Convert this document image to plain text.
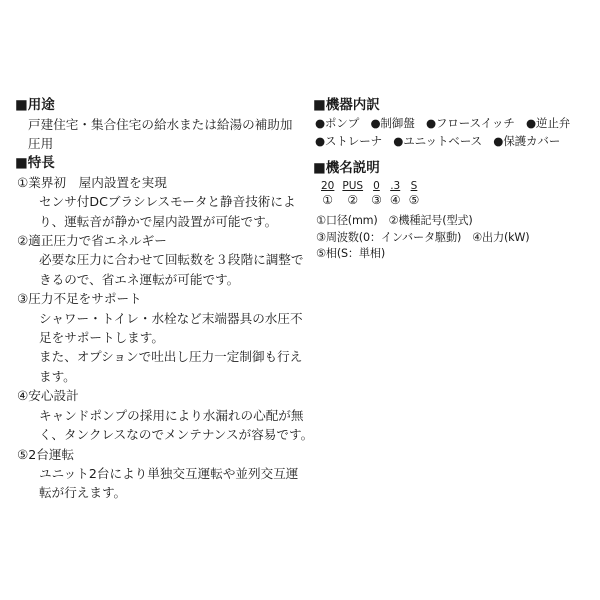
■用途
戸建住宅・集合住宅の給水または給湯の補助加
圧用
■特長
①業界初　屋内設置を実現
センサ付DCブラシレスモータと静音技術によ
り、運転音が静かで屋内設置が可能です。
②適正圧力で省エネルギー
必要な圧力に合わせて回転数を３段階に調整で
きるので、省エネ運転が可能です。
③圧力不足をサポート
シャワー・トイレ・水栓など末端器具の水圧不
足をサポートします。
また、オプションで吐出し圧力一定制御も行え
ます。
④安心設計
キャンドポンプの採用により水漏れの心配が無
く、タンクレスなのでメンテナンスが容易です。
⑤2台運転
ユニット2台により単独交互運転や並列交互運
転が行えます。
■機器内訳
●ポンプ　●制御盤　●フロースイッチ　●逆止弁
●ストレーナ　●ユニットベース　●保護カバー
■機名説明
20	PUS	0	.3	S
①	②	③	④	⑤
①口径(mm)　②機種記号(型式)
③周波数(0：インバータ駆動)　④出力(kW)
⑤相(S：単相)
